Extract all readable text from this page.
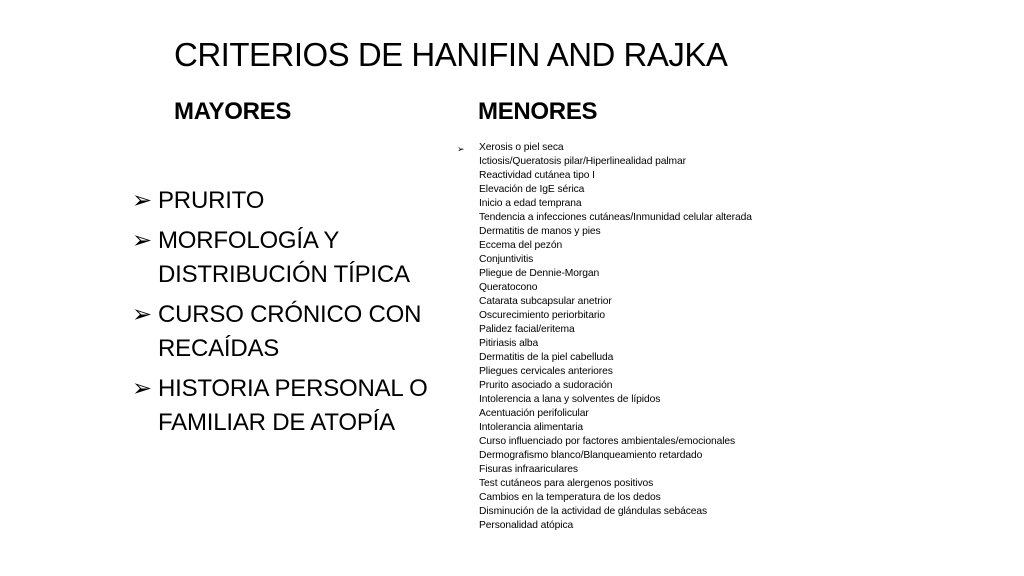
CRITERIOS DE HANIFIN AND RAJKA
MAYORES	MENORES
➢ PRURITO
➢ MORFOLOGÍA Y DISTRIBUCIÓN TÍPICA
➢ CURSO CRÓNICO CON RECAÍDAS
➢ HISTORIA PERSONAL O FAMILIAR DE ATOPÍA
➢ Xerosis o piel seca
Ictiosis/Queratosis pilar/Hiperlinealidad palmar
Reactividad cutánea tipo I
Elevación de IgE sérica
Inicio a edad temprana
Tendencia a infecciones cutáneas/Inmunidad celular alterada
Dermatitis de manos y pies
Eccema del pezón
Conjuntivitis
Pliegue de Dennie-Morgan
Queratocono
Catarata subcapsular anetrior
Oscurecimiento periorbitario
Palidez facial/eritema
Pitiriasis alba
Dermatitis de la piel cabelluda
Pliegues cervicales anteriores
Prurito asociado a sudoración
Intolerencia a lana y solventes de lípidos
Acentuación perifolicular
Intolerancia alimentaria
Curso influenciado por factores ambientales/emocionales
Dermografismo blanco/Blanqueamiento retardado
Fisuras infraariculares
Test cutáneos para alergenos positivos
Cambios en la temperatura de los dedos
Disminución de la actividad de glándulas sebáceas
Personalidad atópica
